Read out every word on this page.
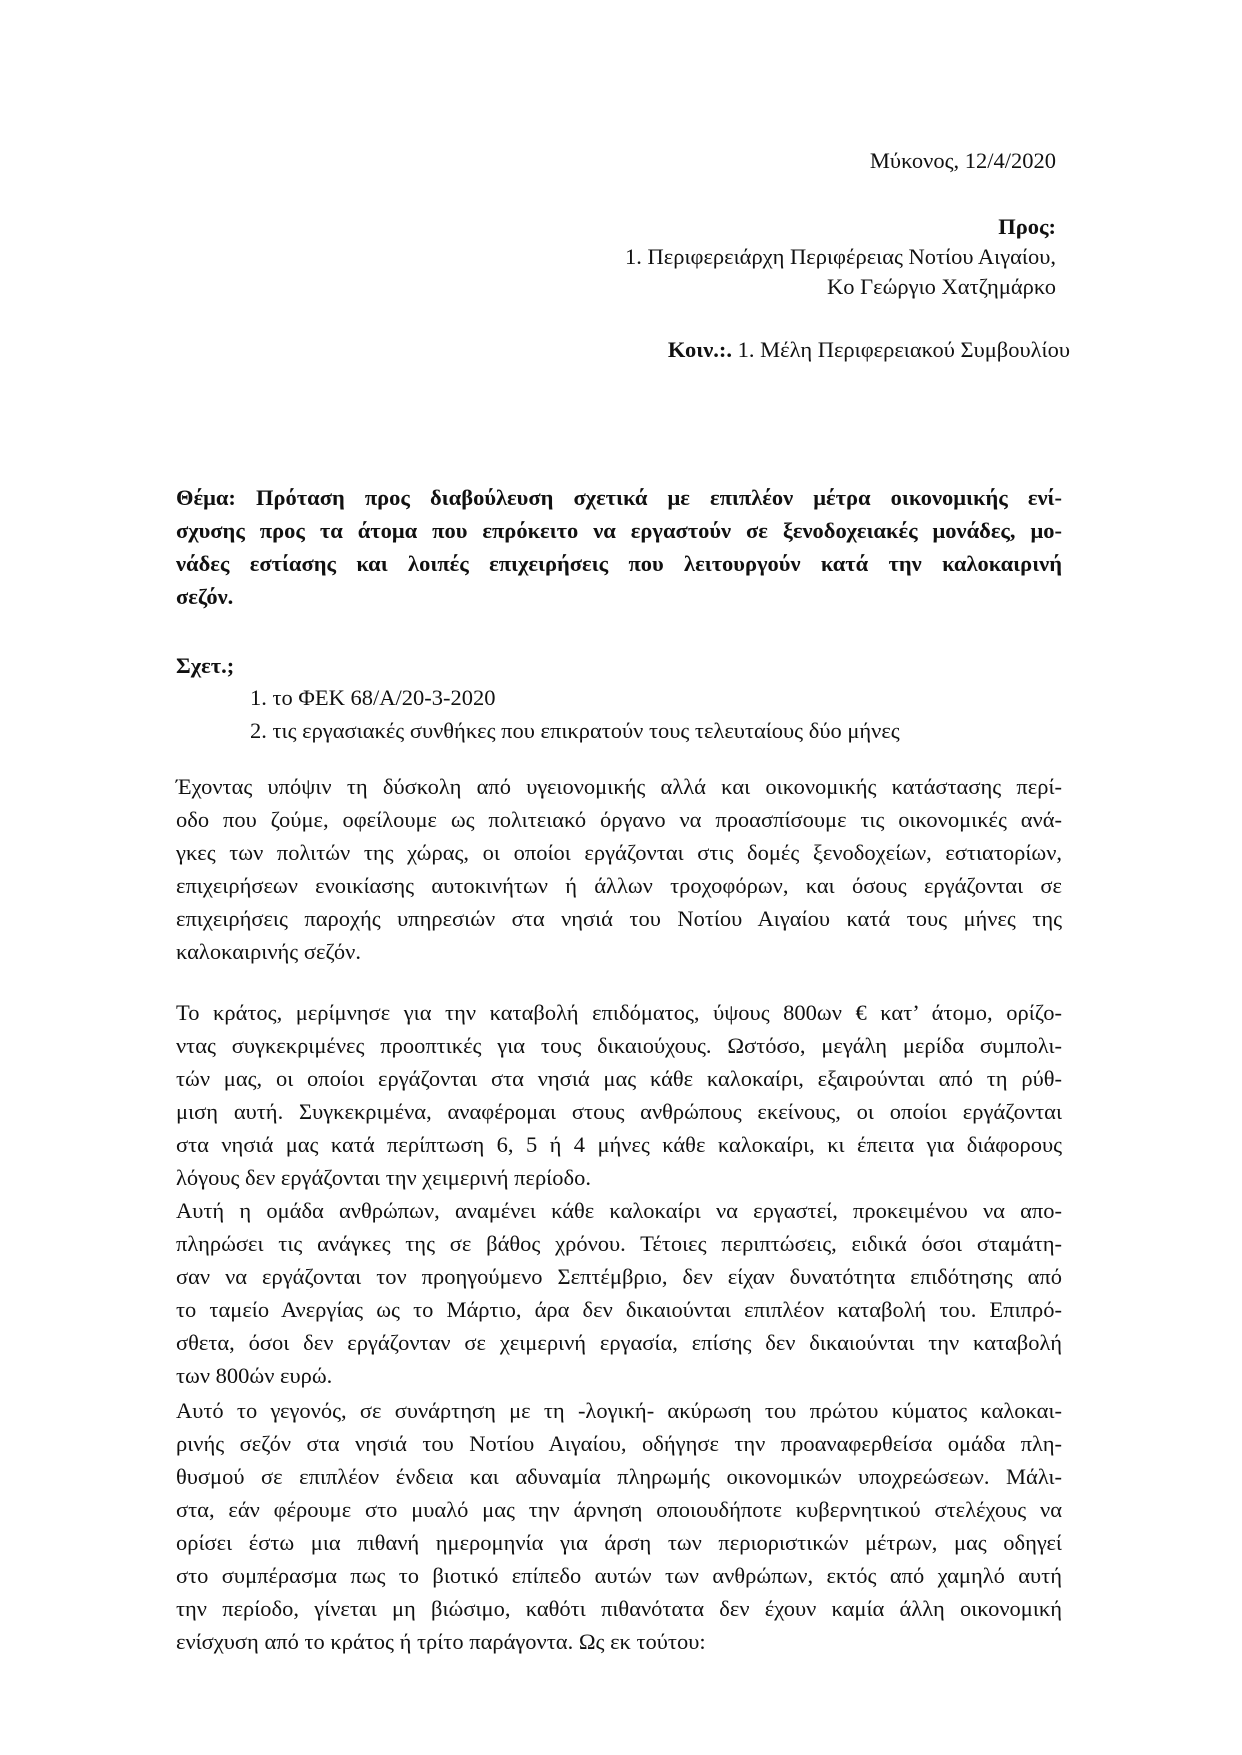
Μύκονος, 12/4/2020
Προς:
1. Περιφερειάρχη Περιφέρειας Νοτίου Αιγαίου,
Κο Γεώργιο Χατζημάρκο
Κοιν.:. 1. Μέλη Περιφερειακού Συμβουλίου
Θέμα: Πρόταση προς διαβούλευση σχετικά με επιπλέον μέτρα οικονομικής ενί-
σχυσης προς τα άτομα που επρόκειτο να εργαστούν σε ξενοδοχειακές μονάδες, μο-
νάδες εστίασης και λοιπές επιχειρήσεις που λειτουργούν κατά την καλοκαιρινή
σεζόν.
Σχετ.;
1. το ΦΕΚ 68/Α/20-3-2020
2. τις εργασιακές συνθήκες που επικρατούν τους τελευταίους δύο μήνες
Έχοντας υπόψιν τη δύσκολη από υγειονομικής αλλά και οικονομικής κατάστασης περί-
οδο που ζούμε, οφείλουμε ως πολιτειακό όργανο να προασπίσουμε τις οικονομικές ανά-
γκες των πολιτών της χώρας, οι οποίοι εργάζονται στις δομές ξενοδοχείων, εστιατορίων,
επιχειρήσεων ενοικίασης αυτοκινήτων ή άλλων τροχοφόρων, και όσους εργάζονται σε
επιχειρήσεις παροχής υπηρεσιών στα νησιά του Νοτίου Αιγαίου κατά τους μήνες της
καλοκαιρινής σεζόν.
Το κράτος, μερίμνησε για την καταβολή επιδόματος, ύψους 800ων € κατ’ άτομο, ορίζο-
ντας συγκεκριμένες προοπτικές για τους δικαιούχους. Ωστόσο, μεγάλη μερίδα συμπολι-
τών μας, οι οποίοι εργάζονται στα νησιά μας κάθε καλοκαίρι, εξαιρούνται από τη ρύθ-
μιση αυτή. Συγκεκριμένα, αναφέρομαι στους ανθρώπους εκείνους, οι οποίοι εργάζονται
στα νησιά μας κατά περίπτωση 6, 5 ή 4 μήνες κάθε καλοκαίρι, κι έπειτα για διάφορους
λόγους δεν εργάζονται την χειμερινή περίοδο.
Αυτή η ομάδα ανθρώπων, αναμένει κάθε καλοκαίρι να εργαστεί, προκειμένου να απο-
πληρώσει τις ανάγκες της σε βάθος χρόνου. Τέτοιες περιπτώσεις, ειδικά όσοι σταμάτη-
σαν να εργάζονται τον προηγούμενο Σεπτέμβριο, δεν είχαν δυνατότητα επιδότησης από
το ταμείο Ανεργίας ως το Μάρτιο, άρα δεν δικαιούνται επιπλέον καταβολή του. Επιπρό-
σθετα, όσοι δεν εργάζονταν σε χειμερινή εργασία, επίσης δεν δικαιούνται την καταβολή
των 800ών ευρώ.
Αυτό το γεγονός, σε συνάρτηση με τη -λογική- ακύρωση του πρώτου κύματος καλοκαι-
ρινής σεζόν στα νησιά του Νοτίου Αιγαίου, οδήγησε την προαναφερθείσα ομάδα πλη-
θυσμού σε επιπλέον ένδεια και αδυναμία πληρωμής οικονομικών υποχρεώσεων. Μάλι-
στα, εάν φέρουμε στο μυαλό μας την άρνηση οποιουδήποτε κυβερνητικού στελέχους να
ορίσει έστω μια πιθανή ημερομηνία για άρση των περιοριστικών μέτρων, μας οδηγεί
στο συμπέρασμα πως το βιοτικό επίπεδο αυτών των ανθρώπων, εκτός από χαμηλό αυτή
την περίοδο, γίνεται μη βιώσιμο, καθότι πιθανότατα δεν έχουν καμία άλλη οικονομική
ενίσχυση από το κράτος ή τρίτο παράγοντα. Ως εκ τούτου:
